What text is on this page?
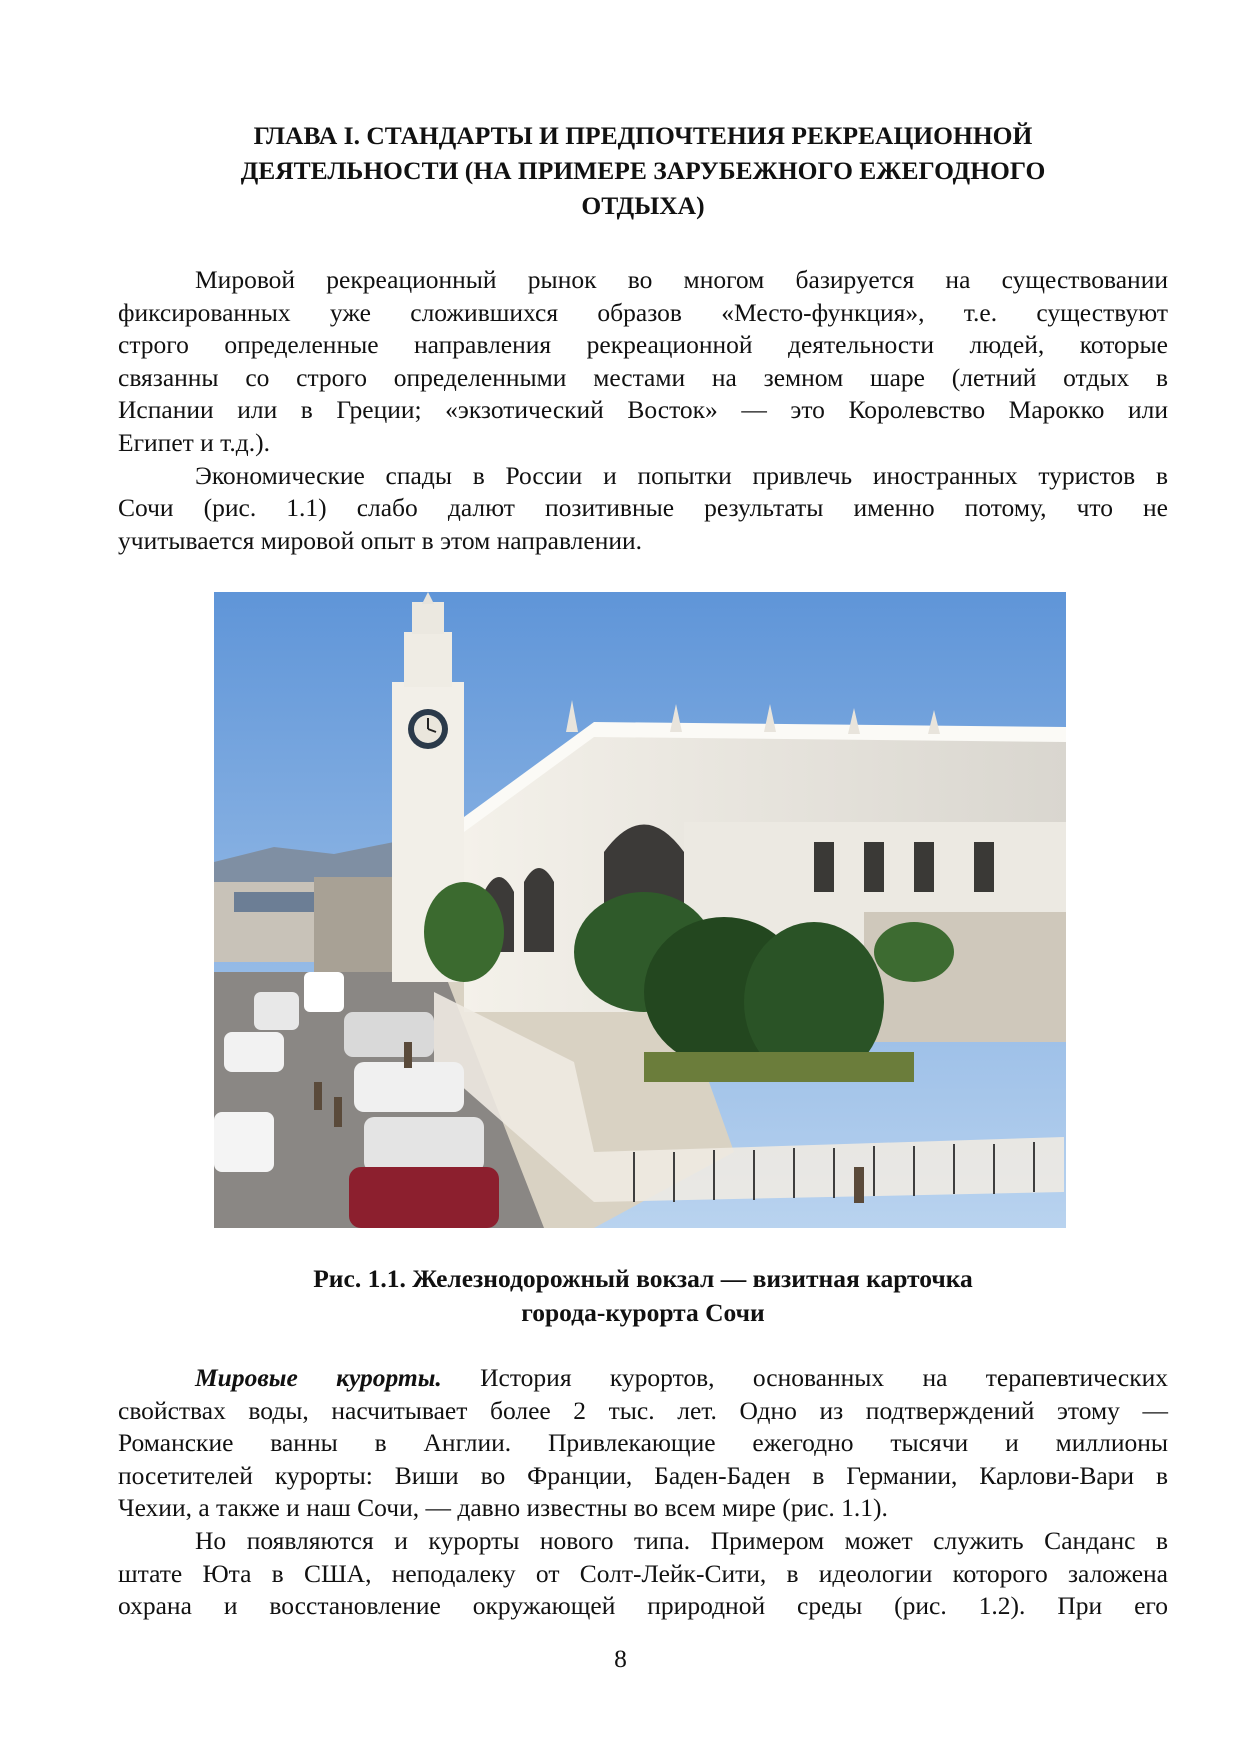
ГЛАВА I. СТАНДАРТЫ И ПРЕДПОЧТЕНИЯ РЕКРЕАЦИОННОЙ
ДЕЯТЕЛЬНОСТИ (НА ПРИМЕРЕ ЗАРУБЕЖНОГО ЕЖЕГОДНОГО
ОТДЫХА)

Мировой рекреационный рынок во многом базируется на существовании
фиксированных уже сложившихся образов «Место-функция», т.е. существуют
строго определенные направления рекреационной деятельности людей, которые
связанны со строго определенными местами на земном шаре (летний отдых в
Испании или в Греции; «экзотический Восток» — это Королевство Марокко или
Египет и т.д.).

Экономические спады в России и попытки привлечь иностранных туристов в
Сочи (рис. 1.1) слабо далют позитивные результаты именно потому, что не
учитывается мировой опыт в этом направлении.

Рис. 1.1. Железнодорожный вокзал — визитная карточка
города-курорта Сочи

Мировые курорты. История курортов, основанных на терапевтических
свойствах воды, насчитывает более 2 тыс. лет. Одно из подтверждений этому —
Романские ванны в Англии. Привлекающие ежегодно тысячи и миллионы
посетителей курорты: Виши во Франции, Баден-Баден в Германии, Карлови-Вари в
Чехии, а также и наш Сочи, — давно известны во всем мире (рис. 1.1).

Но появляются и курорты нового типа. Примером может служить Санданс в
штате Юта в США, неподалеку от Солт-Лейк-Сити, в идеологии которого заложена
охрана и восстановление окружающей природной среды (рис. 1.2). При его

8
